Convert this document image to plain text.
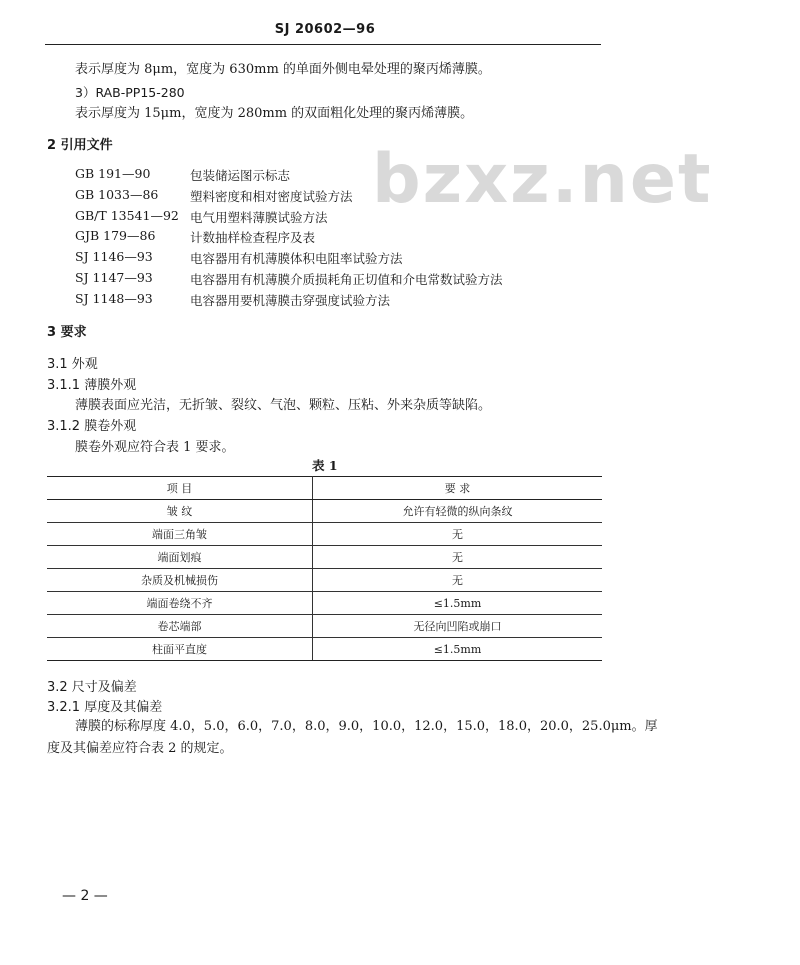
bzxz.net
SJ 20602—96
表示厚度为 8μm，宽度为 630mm 的单面外侧电晕处理的聚丙烯薄膜。
3）RAB-PP15-280
表示厚度为 15μm，宽度为 280mm 的双面粗化处理的聚丙烯薄膜。
2 引用文件
GB 191—90	包装储运图示标志
GB 1033—86	塑料密度和相对密度试验方法
GB/T 13541—92 电气用塑料薄膜试验方法
GJB 179—86	计数抽样检查程序及表
SJ 1146—93	电容器用有机薄膜体积电阻率试验方法
SJ 1147—93	电容器用有机薄膜介质损耗角正切值和介电常数试验方法
SJ 1148—93	电容器用要机薄膜击穿强度试验方法
3 要求
3.1 外观
3.1.1 薄膜外观
薄膜表面应光洁，无折皱、裂纹、气泡、颗粒、压粘、外来杂质等缺陷。
3.1.2 膜卷外观
膜卷外观应符合表 1 要求。
表 1
项 目	要 求
皱 纹	允许有轻微的纵向条纹
端面三角皱	无
端面划痕	无
杂质及机械损伤	无
端面卷绕不齐	≤1.5mm
卷芯端部	无径向凹陷或崩口
柱面平直度	≤1.5mm
3.2 尺寸及偏差
3.2.1 厚度及其偏差
薄膜的标称厚度 4.0，5.0，6.0，7.0，8.0，9.0，10.0，12.0，15.0，18.0，20.0，25.0μm。厚
度及其偏差应符合表 2 的规定。
— 2 —
